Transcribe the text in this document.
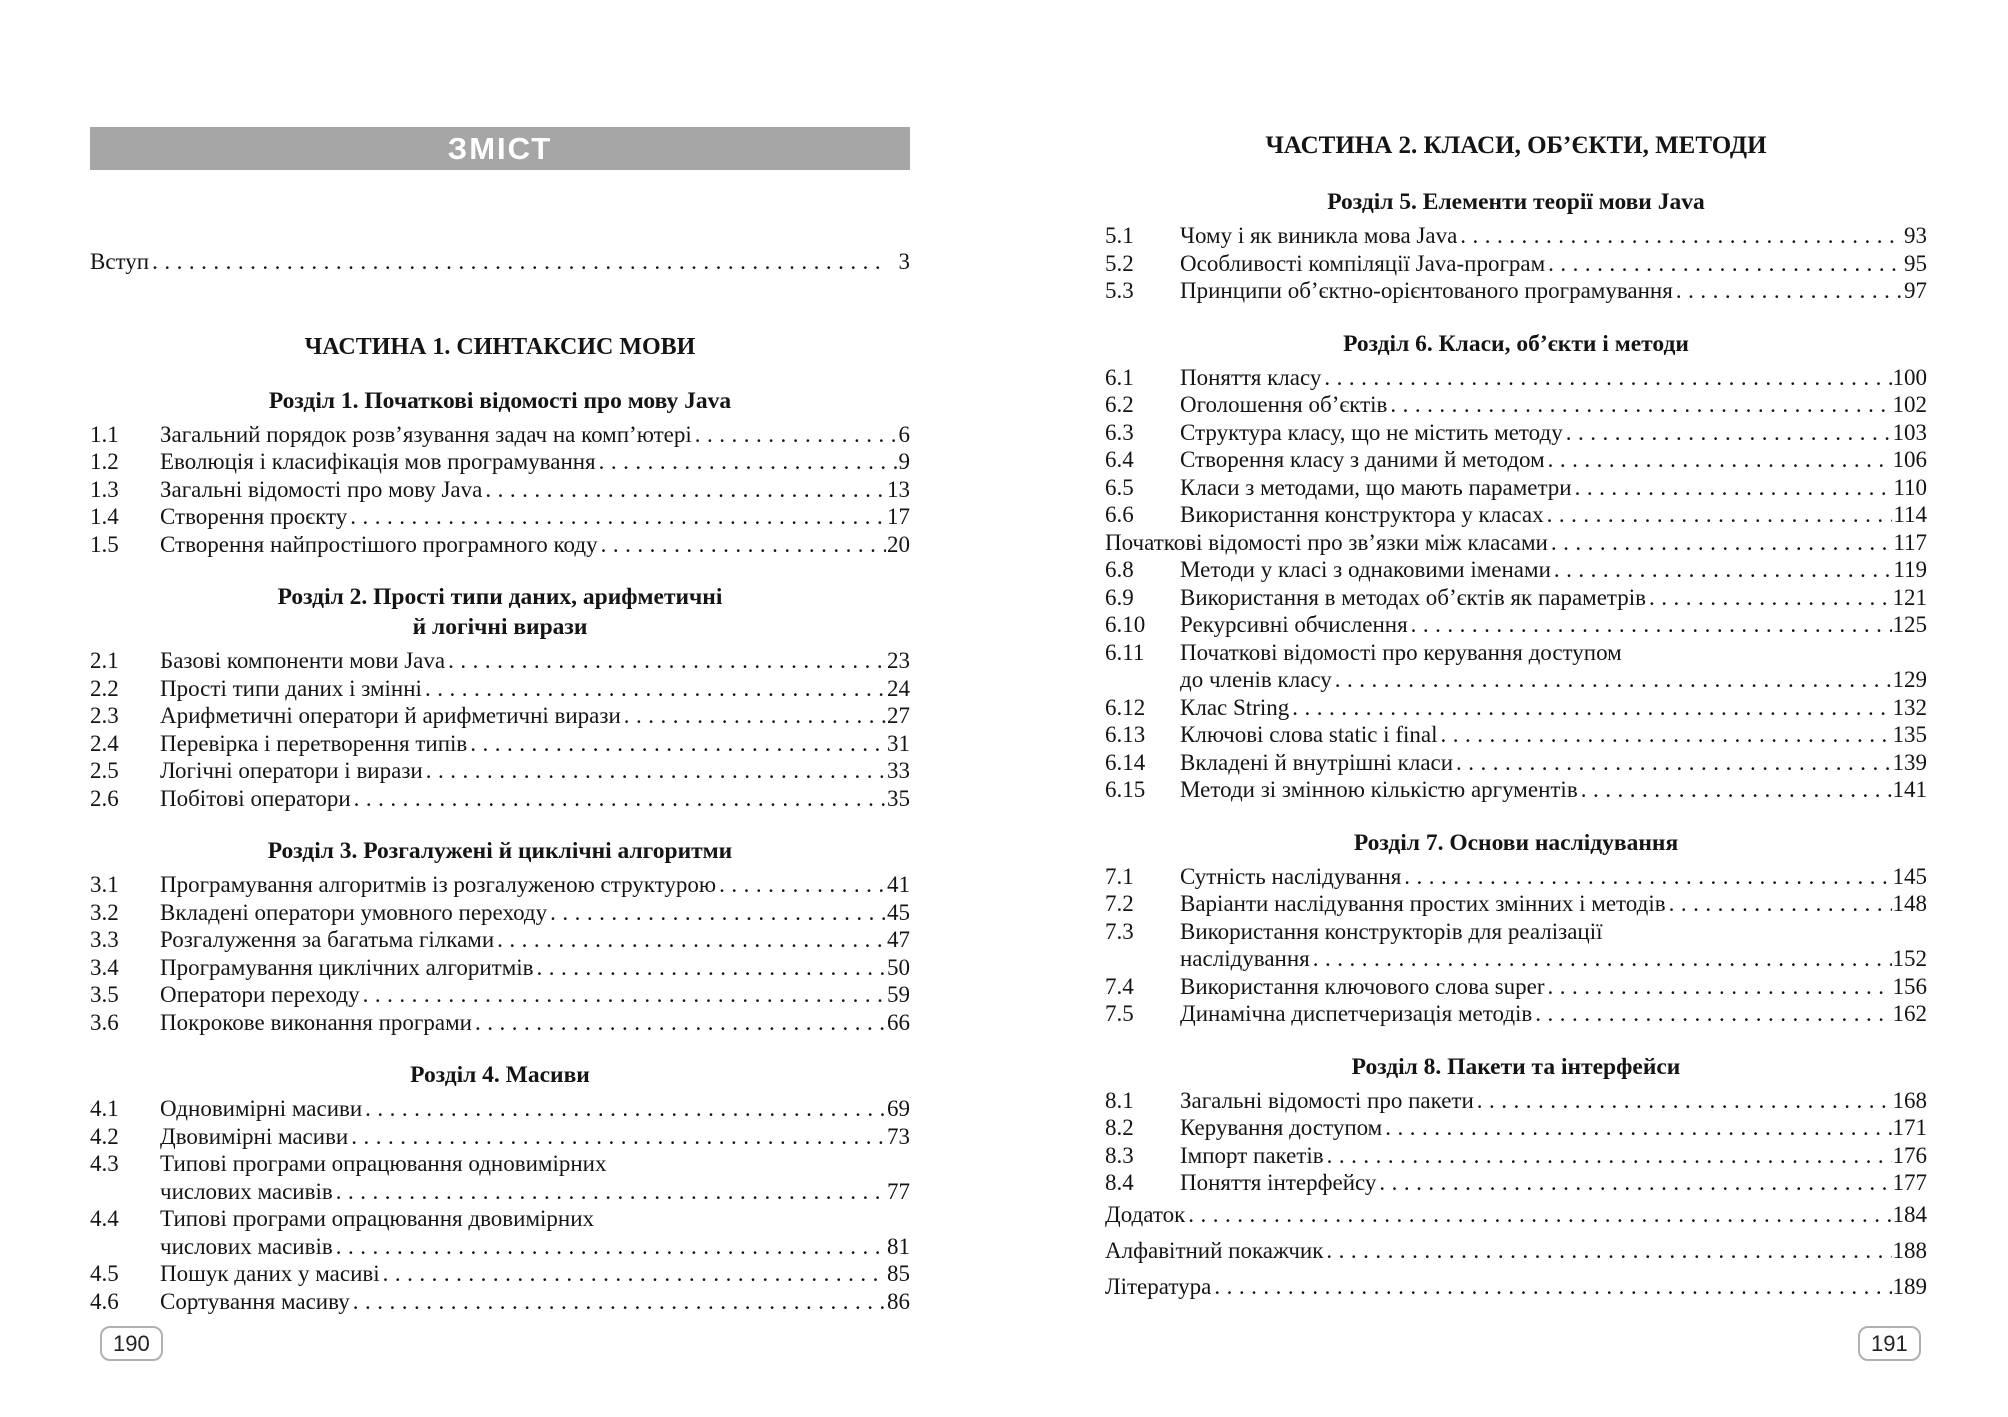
ЗМІСТ
Вступ .....	3
ЧАСТИНА 1. СИНТАКСИС МОВИ
Розділ 1. Початкові відомості про мову Java
1.1	Загальний порядок розв’язування задач на комп’ютері .....	6
1.2	Еволюція і класифікація мов програмування .....	9
1.3	Загальні відомості про мову Java .....	13
1.4	Створення проєкту .....	17
1.5	Створення найпростішого програмного коду .....	20
Розділ 2. Прості типи даних, арифметичні
й логічні вирази
2.1	Базові компоненти мови Java .....	23
2.2	Прості типи даних і змінні .....	24
2.3	Арифметичні оператори й арифметичні вирази .....	27
2.4	Перевірка і перетворення типів .....	31
2.5	Логічні оператори і вирази .....	33
2.6	Побітові оператори .....	35
Розділ 3. Розгалужені й циклічні алгоритми
3.1	Програмування алгоритмів із розгалуженою структурою .....	41
3.2	Вкладені оператори умовного переходу .....	45
3.3	Розгалуження за багатьма гілками .....	47
3.4	Програмування циклічних алгоритмів .....	50
3.5	Оператори переходу .....	59
3.6	Покрокове виконання програми .....	66
Розділ 4. Масиви
4.1	Одновимірні масиви .....	69
4.2	Двовимірні масиви .....	73
4.3	Типові програми опрацювання одновимірних
числових масивів .....	77
4.4	Типові програми опрацювання двовимірних
числових масивів .....	81
4.5	Пошук даних у масиві .....	85
4.6	Сортування масиву .....	86
ЧАСТИНА 2. КЛАСИ, ОБ’ЄКТИ, МЕТОДИ
Розділ 5. Елементи теорії мови Java
5.1	Чому і як виникла мова Java .....	93
5.2	Особливості компіляції Java-програм .....	95
5.3	Принципи об’єктно-орієнтованого програмування .....	97
Розділ 6. Класи, об’єкти і методи
6.1	Поняття класу .....	100
6.2	Оголошення об’єктів .....	102
6.3	Структура класу, що не містить методу .....	103
6.4	Створення класу з даними й методом .....	106
6.5	Класи з методами, що мають параметри .....	110
6.6	Використання конструктора у класах .....	114
Початкові відомості про зв’язки між класами .....	117
6.8	Методи у класі з однаковими іменами .....	119
6.9	Використання в методах об’єктів як параметрів .....	121
6.10	Рекурсивні обчислення .....	125
6.11	Початкові відомості про керування доступом
до членів класу .....	129
6.12	Клас String .....	132
6.13	Ключові слова static і final .....	135
6.14	Вкладені й внутрішні класи .....	139
6.15	Методи зі змінною кількістю аргументів .....	141
Розділ 7. Основи наслідування
7.1	Сутність наслідування .....	145
7.2	Варіанти наслідування простих змінних і методів .....	148
7.3	Використання конструкторів для реалізації
наслідування .....	152
7.4	Використання ключового слова super .....	156
7.5	Динамічна диспетчеризація методів .....	162
Розділ 8. Пакети та інтерфейси
8.1	Загальні відомості про пакети .....	168
8.2	Керування доступом .....	171
8.3	Імпорт пакетів .....	176
8.4	Поняття інтерфейсу .....	177
Додаток .....	184
Алфавітний покажчик .....	188
Література .....	189
190	191
